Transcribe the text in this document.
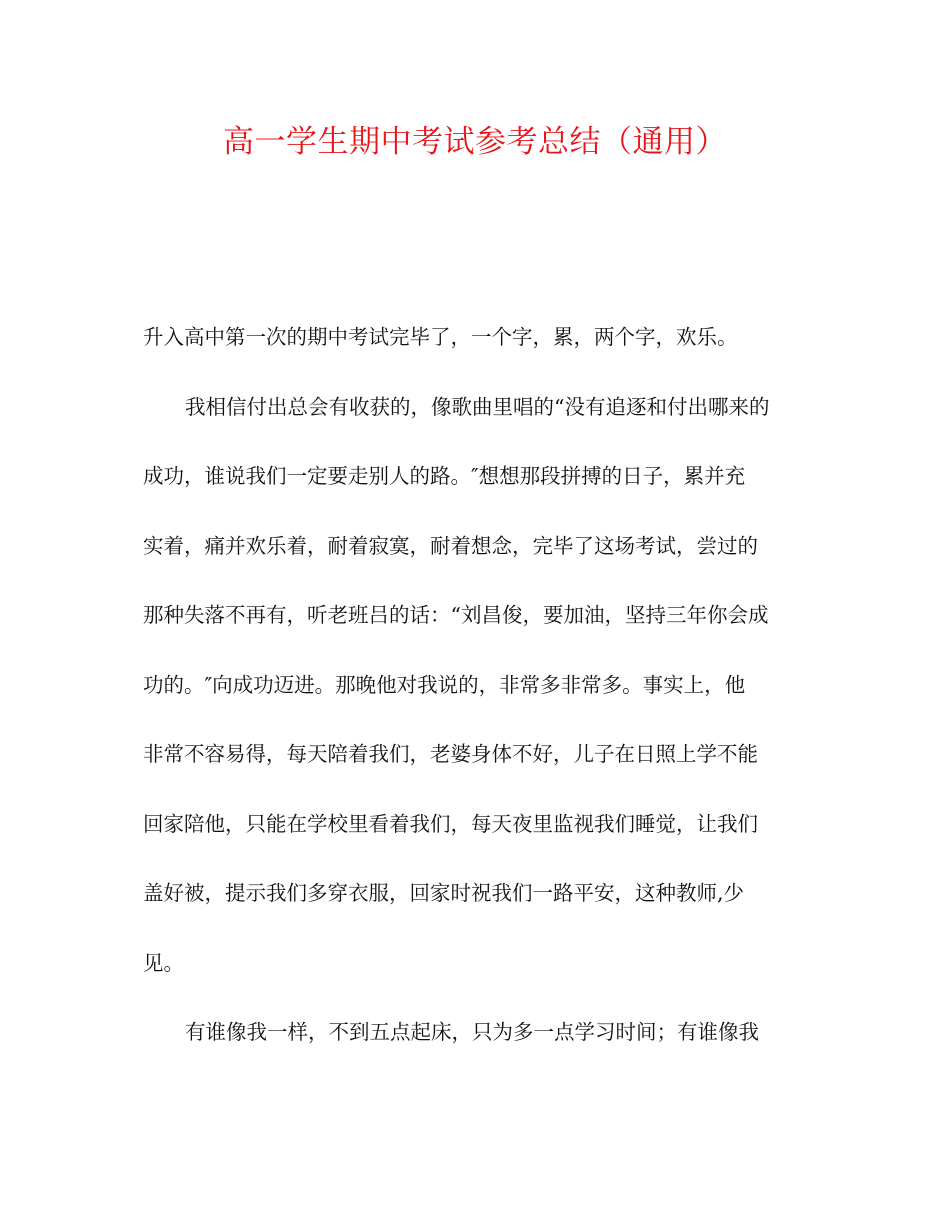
高一学生期中考试参考总结（通用）
升入高中第一次的期中考试完毕了，一个字，累，两个字，欢乐。
我相信付出总会有收获的，像歌曲里唱的“没有追逐和付出哪来的
成功，谁说我们一定要走别人的路。″想想那段拼搏的日子，累并充
实着，痛并欢乐着，耐着寂寞，耐着想念，完毕了这场考试，尝过的
那种失落不再有，听老班吕的话：“刘昌俊，要加油，坚持三年你会成
功的。″向成功迈进。那晚他对我说的，非常多非常多。事实上，他
非常不容易得，每天陪着我们，老婆身体不好，儿子在日照上学不能
回家陪他，只能在学校里看着我们，每天夜里监视我们睡觉，让我们
盖好被，提示我们多穿衣服，回家时祝我们一路平安，这种教师,少
见。
有谁像我一样，不到五点起床，只为多一点学习时间；有谁像我
